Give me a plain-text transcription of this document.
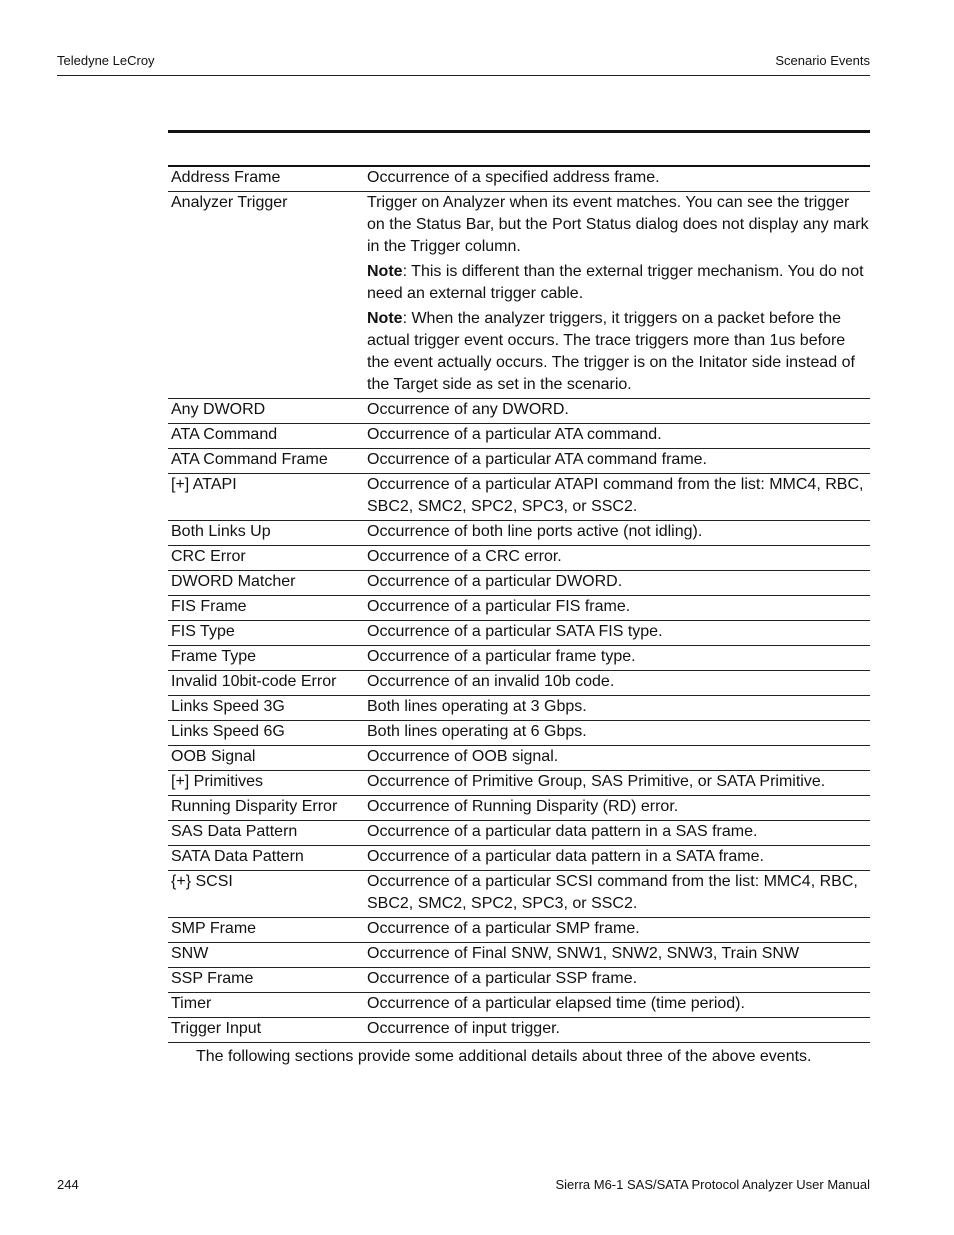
Teledyne LeCroy	Scenario Events
Address Frame	Occurrence of a specified address frame.

Analyzer Trigger	Trigger on Analyzer when its event matches. You can see the trigger on the Status Bar, but the Port Status dialog does not display any mark in the Trigger column.

Note: This is different than the external trigger mechanism. You do not need an external trigger cable.

Note: When the analyzer triggers, it triggers on a packet before the actual trigger event occurs. The trace triggers more than 1us before the event actually occurs. The trigger is on the Initator side instead of the Target side as set in the scenario.

Any DWORD	Occurrence of any DWORD.

ATA Command	Occurrence of a particular ATA command.

ATA Command Frame	Occurrence of a particular ATA command frame.

[+] ATAPI	Occurrence of a particular ATAPI command from the list: MMC4, RBC, SBC2, SMC2, SPC2, SPC3, or SSC2.

Both Links Up	Occurrence of both line ports active (not idling).

CRC Error	Occurrence of a CRC error.

DWORD Matcher	Occurrence of a particular DWORD.

FIS Frame	Occurrence of a particular FIS frame.

FIS Type	Occurrence of a particular SATA FIS type.

Frame Type	Occurrence of a particular frame type.

Invalid 10bit-code Error	Occurrence of an invalid 10b code.

Links Speed 3G	Both lines operating at 3 Gbps.

Links Speed 6G	Both lines operating at 6 Gbps.

OOB Signal	Occurrence of OOB signal.

[+] Primitives	Occurrence of Primitive Group, SAS Primitive, or SATA Primitive.

Running Disparity Error	Occurrence of Running Disparity (RD) error.

SAS Data Pattern	Occurrence of a particular data pattern in a SAS frame.

SATA Data Pattern	Occurrence of a particular data pattern in a SATA frame.

{+} SCSI	Occurrence of a particular SCSI command from the list: MMC4, RBC, SBC2, SMC2, SPC2, SPC3, or SSC2.

SMP Frame	Occurrence of a particular SMP frame.

SNW	Occurrence of Final SNW, SNW1, SNW2, SNW3, Train SNW

SSP Frame	Occurrence of a particular SSP frame.

Timer	Occurrence of a particular elapsed time (time period).

Trigger Input	Occurrence of input trigger.

The following sections provide some additional details about three of the above events.
244	Sierra M6-1 SAS/SATA Protocol Analyzer User Manual
